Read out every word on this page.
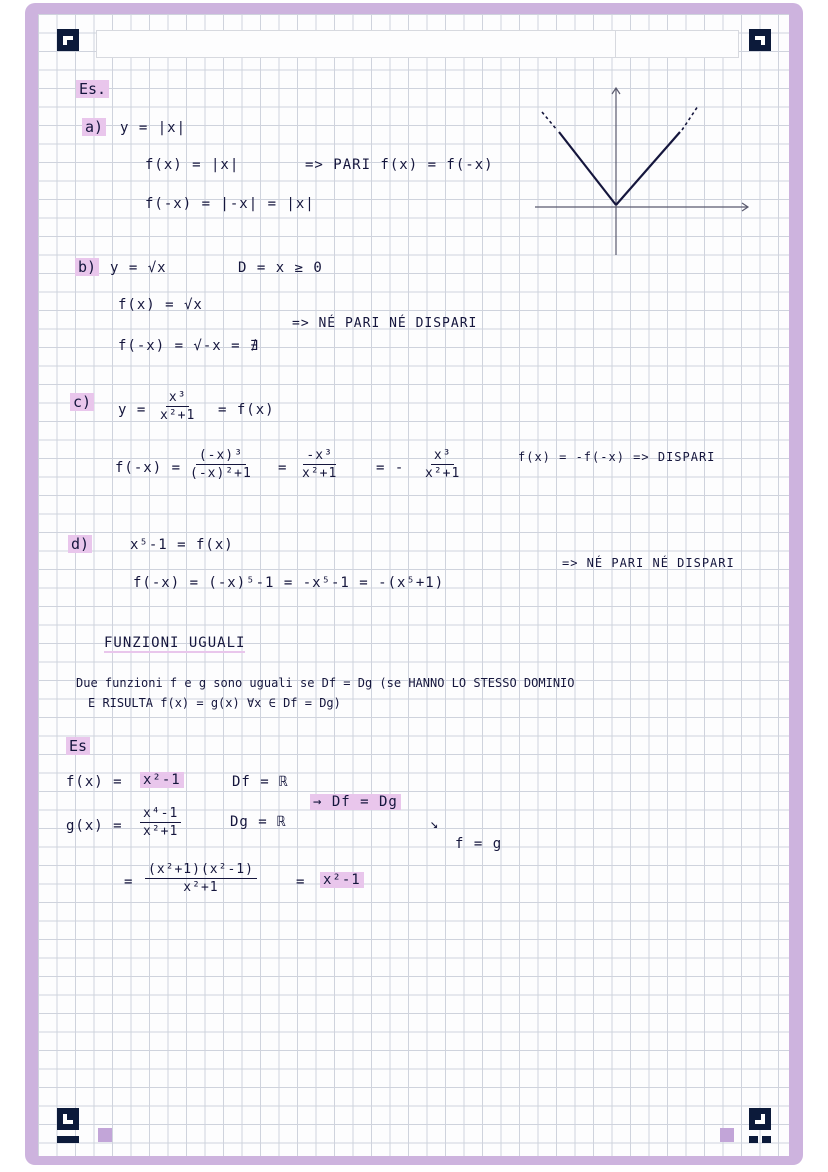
Es.
a) y = |x|
f(x) = |x|
f(-x) = |-x| = |x|
=> PARI f(x) = f(-x)
b) y = √x	D = x ≥ 0
f(x) = √x
f(-x) = √-x = ∄
=> NÉ PARI NÉ DISPARI
c) $y = \frac{\text{x³}}{\text{x²+1}} = f(x)$
$f(-x) = \frac{\text{(-x)³}}{\text{(-x)²+1}} = \frac{\text{-x³}}{\text{x²+1}}$	= - $\frac{\text{x³}}{\text{x²+1}}$	f(x) = -f(-x) => DISPARI
d)	x⁵-1 = f(x)
f(-x) = (-x)⁵-1 = -x⁵-1 = -(x⁵+1)
=> NÉ PARI NÉ DISPARI
FUNZIONI UGUALI
Due funzioni f e g sono uguali se Df = Dg (se HANNO LO STESSO DOMINIO
E RISULTA f(x) = g(x) ∀x ∈ Df = Dg)
Es
f(x) = x²-1	Df = ℝ
$g(x) = \frac{\text{x⁴-1}}{\text{x²+1}}$	Dg = ℝ
→ Df = Dg
↘
f = g
= $\frac{\text{(x²+1)(x²-1)}}{\text{x²+1}}$	= x²-1
